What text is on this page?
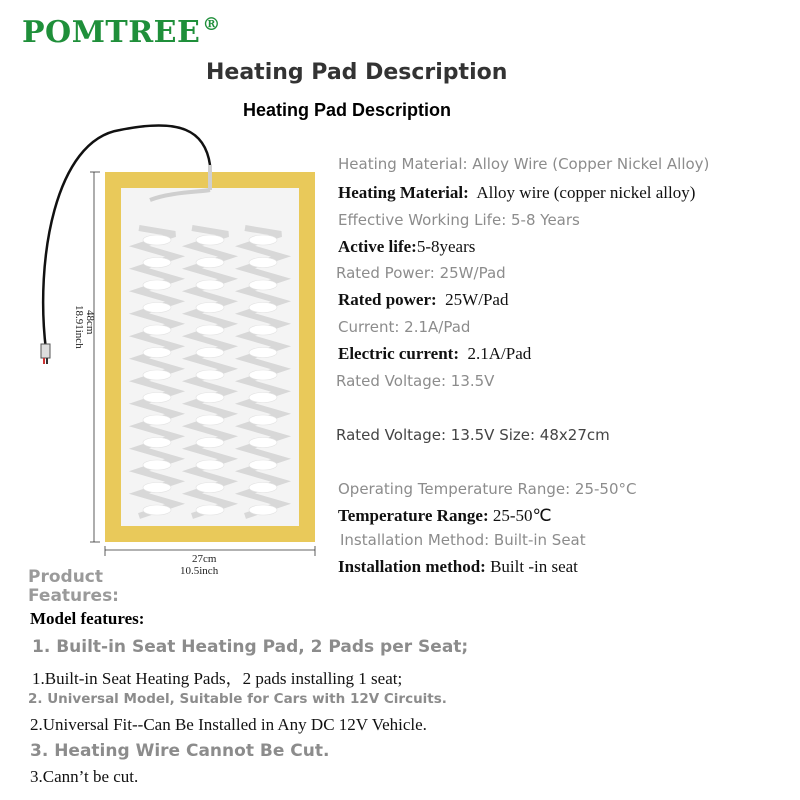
POMTREE ®
Heating Pad Description
Heating Pad Description
48cm
18.91inch
27cm
10.5inch
Heating Material: Alloy Wire (Copper Nickel Alloy)
Heating Material: Alloy wire (copper nickel alloy)
Effective Working Life: 5-8 Years
Active life:5-8years
Rated Power: 25W/Pad
Rated power: 25W/Pad
Current: 2.1A/Pad
Electric current: 2.1A/Pad
Rated Voltage: 13.5V
Rated Voltage: 13.5V Size: 48x27cm
Operating Temperature Range: 25-50°C
Temperature Range: 25-50℃
Installation Method: Built-in Seat
Installation method: Built -in seat
Product Features:
Model features:
1. Built-in Seat Heating Pad, 2 Pads per Seat;
1.Built-in Seat Heating Pads，2 pads installing 1 seat;
2. Universal Model, Suitable for Cars with 12V Circuits.
2.Universal Fit--Can Be Installed in Any DC 12V Vehicle.
3. Heating Wire Cannot Be Cut.
3.Cann’t be cut.
